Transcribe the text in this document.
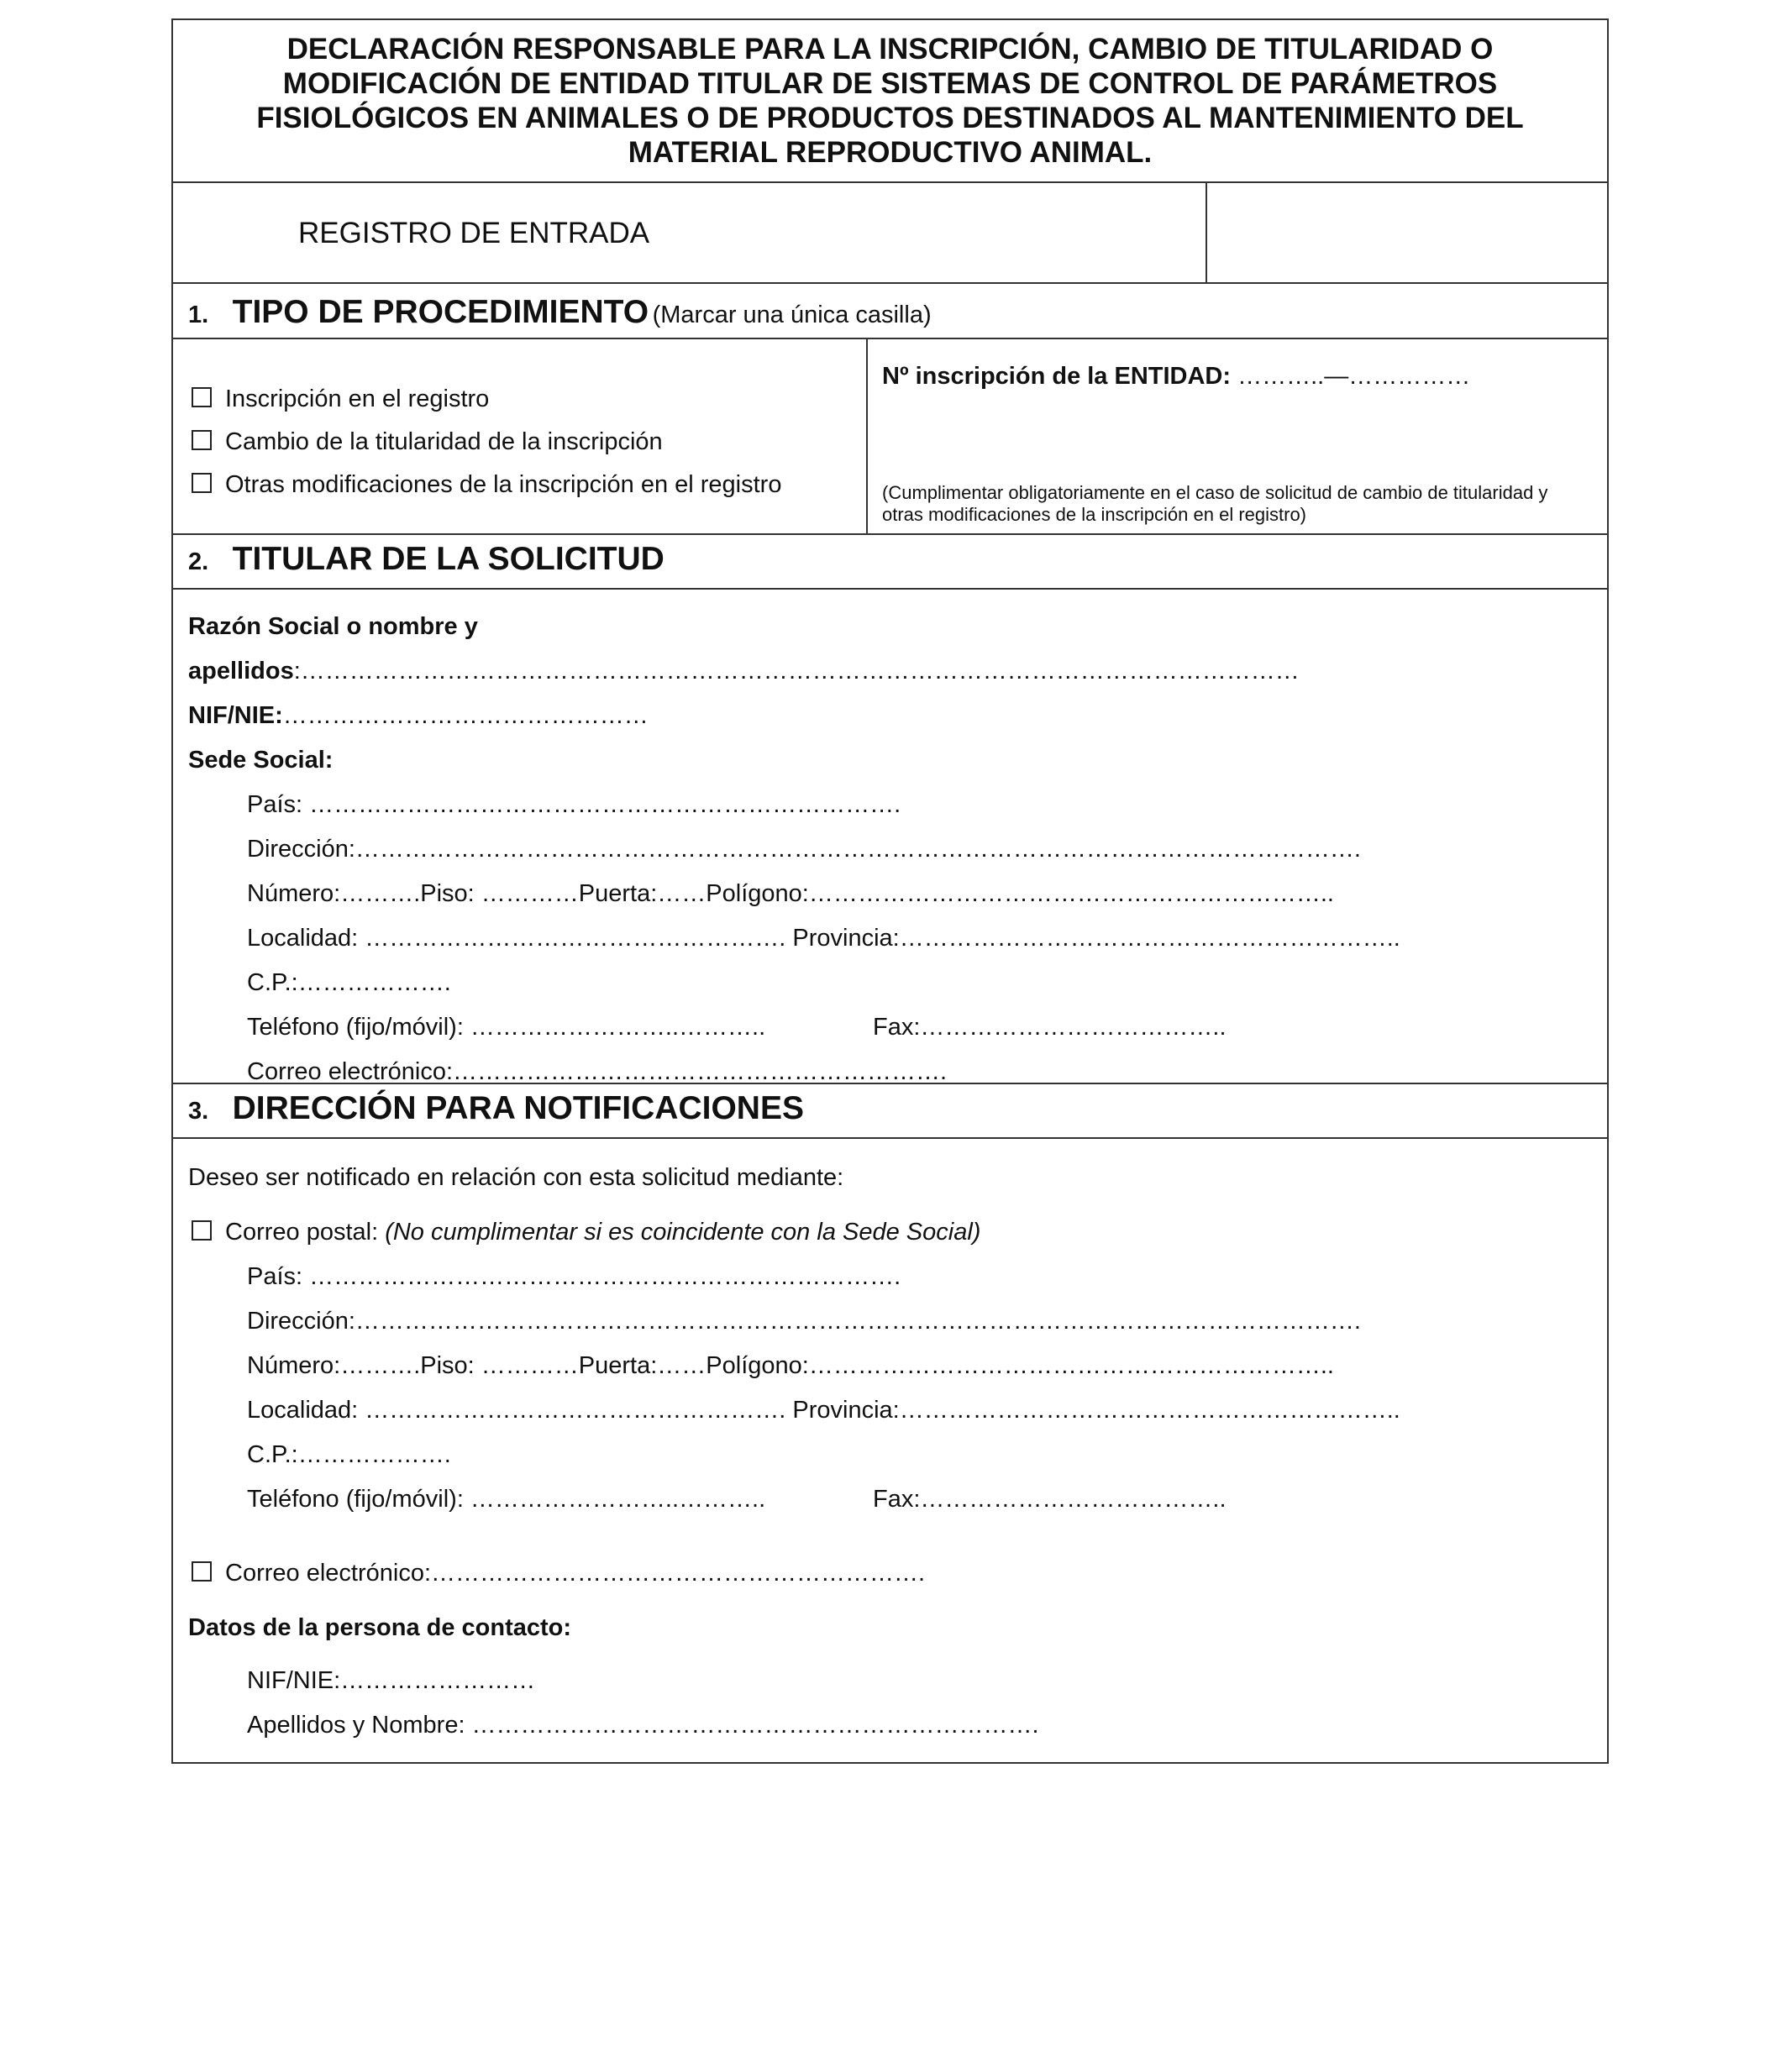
DECLARACIÓN RESPONSABLE PARA LA INSCRIPCIÓN, CAMBIO DE TITULARIDAD O
MODIFICACIÓN DE ENTIDAD TITULAR DE SISTEMAS DE CONTROL DE PARÁMETROS
FISIOLÓGICOS EN ANIMALES O DE PRODUCTOS DESTINADOS AL MANTENIMIENTO DEL
MATERIAL REPRODUCTIVO ANIMAL.
REGISTRO DE ENTRADA
1. TIPO DE PROCEDIMIENTO (Marcar una única casilla)
Inscripción en el registro
Cambio de la titularidad de la inscripción
Otras modificaciones de la inscripción en el registro
Nº inscripción de la ENTIDAD: ………..—……………
(Cumplimentar obligatoriamente en el caso de solicitud de cambio de titularidad y otras modificaciones de la inscripción en el registro)
2. TITULAR DE LA SOLICITUD
Razón Social o nombre y
apellidos:……………………………………………………………………………………………………………
NIF/NIE:………………………………………
Sede Social:
País: ……………………………………………………………….
Dirección:…………………………………………………………………………………………………………….
Número:……….Piso: …………Puerta:……Polígono:………………………………………………………..
Localidad: ……………………………………………. Provincia:……………………………………………………..
C.P.:……………….
Teléfono (fijo/móvil): ……………………..………..	Fax:………………………………..
Correo electrónico:…………………………………………………….
3. DIRECCIÓN PARA NOTIFICACIONES
Deseo ser notificado en relación con esta solicitud mediante:
Correo postal: (No cumplimentar si es coincidente con la Sede Social)
País: ……………………………………………………………….
Dirección:…………………………………………………………………………………………………………….
Número:……….Piso: …………Puerta:……Polígono:………………………………………………………..
Localidad: ……………………………………………. Provincia:……………………………………………………..
C.P.:……………….
Teléfono (fijo/móvil): ……………………..………..	Fax:………………………………..
Correo electrónico:…………………………………………………….
Datos de la persona de contacto:
NIF/NIE:……………………
Apellidos y Nombre: …………………………………………………………….
